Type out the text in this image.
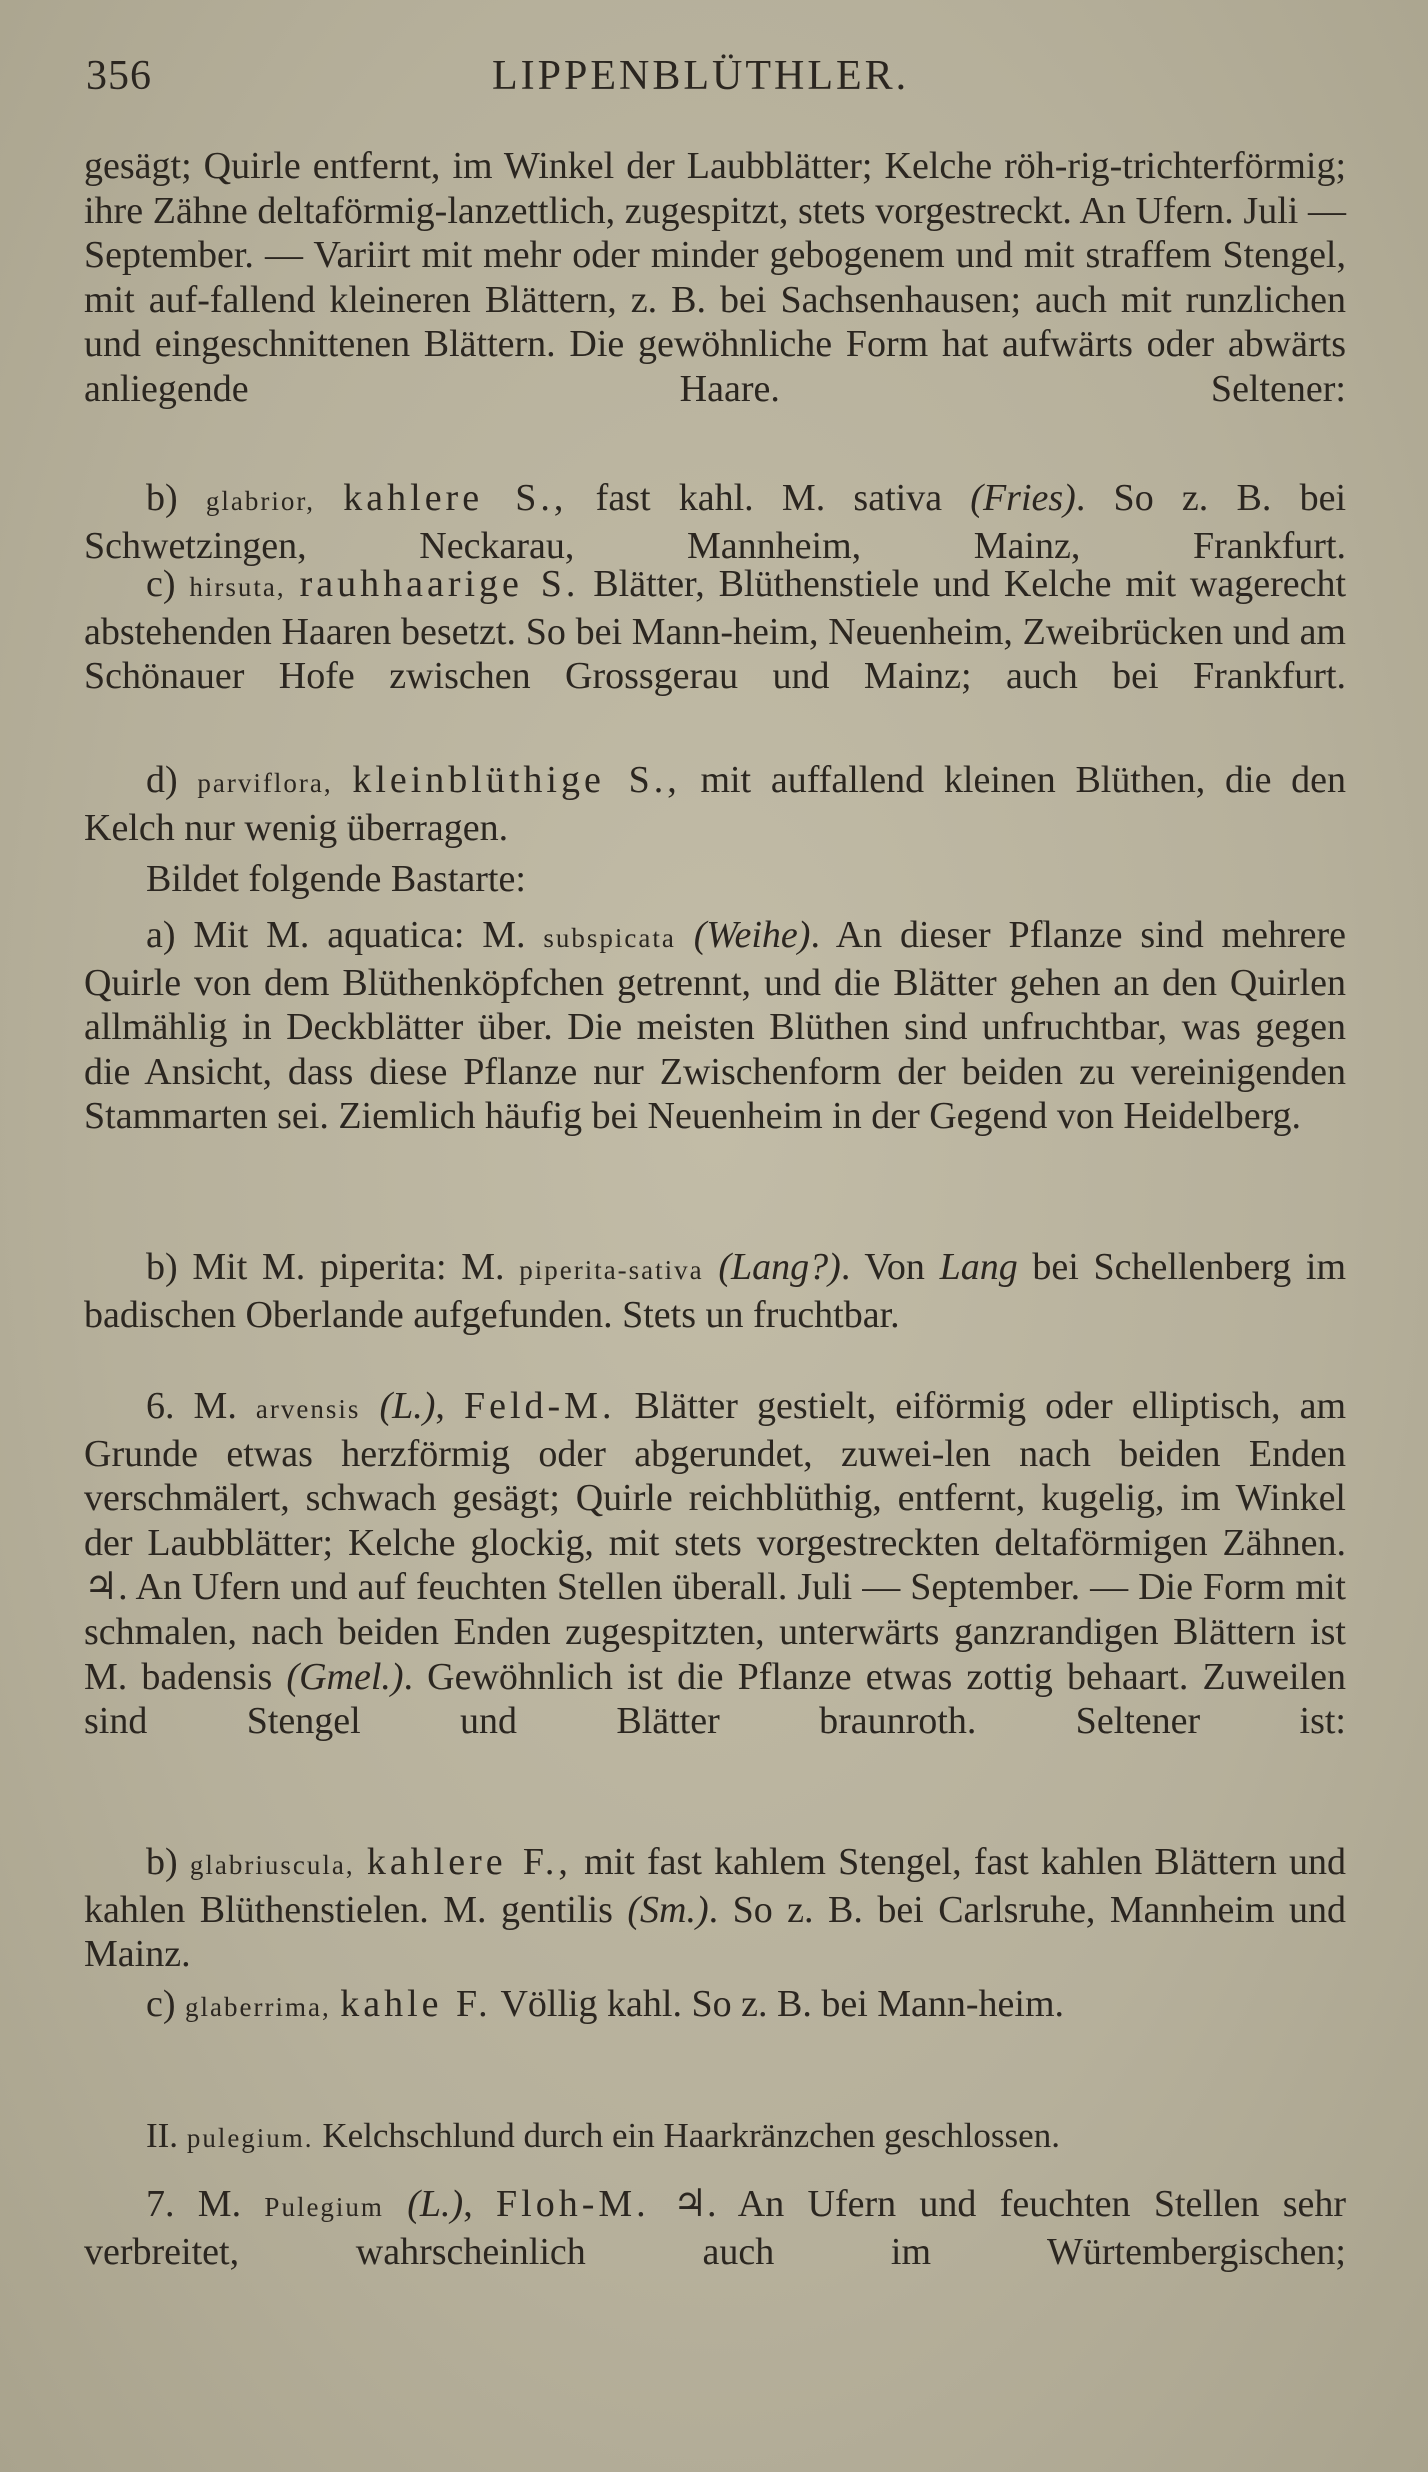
356	LIPPENBLÜTHLER.
gesägt; Quirle entfernt, im Winkel der Laubblätter; Kelche röh-rig-trichterförmig; ihre Zähne deltaförmig-lanzettlich, zugespitzt, stets vorgestreckt. An Ufern. Juli — September. — Variirt mit mehr oder minder gebogenem und mit straffem Stengel, mit auf-fallend kleineren Blättern, z. B. bei Sachsenhausen; auch mit runzlichen und eingeschnittenen Blättern. Die gewöhnliche Form hat aufwärts oder abwärts anliegende Haare. Seltener:
b) glabrior, kahlere S., fast kahl. M. sativa (Fries). So z. B. bei Schwetzingen, Neckarau, Mannheim, Mainz, Frankfurt.
c) hirsuta, rauhhaarige S. Blätter, Blüthenstiele und Kelche mit wagerecht abstehenden Haaren besetzt. So bei Mann-heim, Neuenheim, Zweibrücken und am Schönauer Hofe zwischen Grossgerau und Mainz; auch bei Frankfurt.
d) parviflora, kleinblüthige S., mit auffallend kleinen Blüthen, die den Kelch nur wenig überragen.
Bildet folgende Bastarte:
a) Mit M. aquatica: M. subspicata (Weihe). An dieser Pflanze sind mehrere Quirle von dem Blüthenköpfchen getrennt, und die Blätter gehen an den Quirlen allmählig in Deckblätter über. Die meisten Blüthen sind unfruchtbar, was gegen die Ansicht, dass diese Pflanze nur Zwischenform der beiden zu vereinigenden Stammarten sei. Ziemlich häufig bei Neuenheim in der Gegend von Heidelberg.
b) Mit M. piperita: M. piperita-sativa (Lang?). Von Lang bei Schellenberg im badischen Oberlande aufgefunden. Stets un fruchtbar.
6. M. arvensis (L.), Feld-M. Blätter gestielt, eiförmig oder elliptisch, am Grunde etwas herzförmig oder abgerundet, zuwei-len nach beiden Enden verschmälert, schwach gesägt; Quirle reichblüthig, entfernt, kugelig, im Winkel der Laubblätter; Kelche glockig, mit stets vorgestreckten deltaförmigen Zähnen. ♃. An Ufern und auf feuchten Stellen überall. Juli — September. — Die Form mit schmalen, nach beiden Enden zugespitzten, unterwärts ganzrandigen Blättern ist M. badensis (Gmel.). Gewöhnlich ist die Pflanze etwas zottig behaart. Zuweilen sind Stengel und Blätter braunroth. Seltener ist:
b) glabriuscula, kahlere F., mit fast kahlem Stengel, fast kahlen Blättern und kahlen Blüthenstielen. M. gentilis (Sm.). So z. B. bei Carlsruhe, Mannheim und Mainz.
c) glaberrima, kahle F. Völlig kahl. So z. B. bei Mann-heim.
II. pulegium. Kelchschlund durch ein Haarkränzchen geschlossen.
7. M. Pulegium (L.), Floh-M. ♃. An Ufern und feuchten Stellen sehr verbreitet, wahrscheinlich auch im Würtembergischen;
